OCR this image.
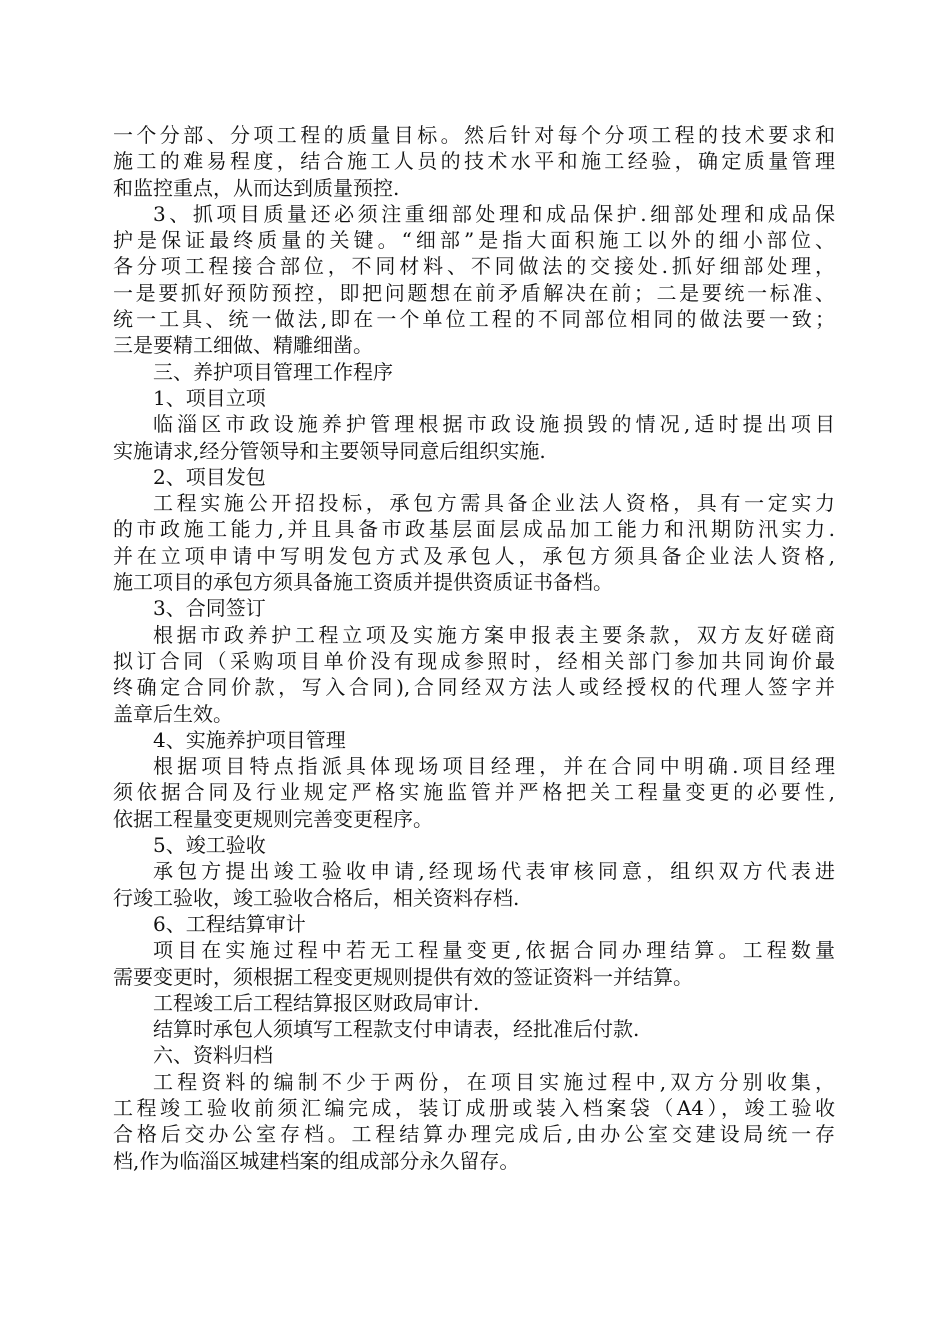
一个分部、分项工程的质量目标。然后针对每个分项工程的技术要求和
施工的难易程度，结合施工人员的技术水平和施工经验，确定质量管理
和监控重点，从而达到质量预控.
3、抓项目质量还必须注重细部处理和成品保护.细部处理和成品保
护是保证最终质量的关键。“细部”是指大面积施工以外的细小部位、
各分项工程接合部位，不同材料、不同做法的交接处.抓好细部处理，
一是要抓好预防预控，即把问题想在前矛盾解决在前；二是要统一标准、
统一工具、统一做法,即在一个单位工程的不同部位相同的做法要一致；
三是要精工细做、精雕细凿。
三、养护项目管理工作程序
1、项目立项
临淄区市政设施养护管理根据市政设施损毁的情况,适时提出项目
实施请求,经分管领导和主要领导同意后组织实施.
2、项目发包
工程实施公开招投标，承包方需具备企业法人资格，具有一定实力
的市政施工能力,并且具备市政基层面层成品加工能力和汛期防汛实力.
并在立项申请中写明发包方式及承包人，承包方须具备企业法人资格,
施工项目的承包方须具备施工资质并提供资质证书备档。
3、合同签订
根据市政养护工程立项及实施方案申报表主要条款，双方友好磋商
拟订合同（采购项目单价没有现成参照时，经相关部门参加共同询价最
终确定合同价款，写入合同),合同经双方法人或经授权的代理人签字并
盖章后生效。
4、实施养护项目管理
根据项目特点指派具体现场项目经理，并在合同中明确.项目经理
须依据合同及行业规定严格实施监管并严格把关工程量变更的必要性,
依据工程量变更规则完善变更程序。
5、竣工验收
承包方提出竣工验收申请,经现场代表审核同意，组织双方代表进
行竣工验收，竣工验收合格后，相关资料存档.
6、工程结算审计
项目在实施过程中若无工程量变更,依据合同办理结算。工程数量
需要变更时，须根据工程变更规则提供有效的签证资料一并结算。
工程竣工后工程结算报区财政局审计.
结算时承包人须填写工程款支付申请表，经批准后付款.
六、资料归档
工程资料的编制不少于两份，在项目实施过程中,双方分别收集，
工程竣工验收前须汇编完成，装订成册或装入档案袋（A4），竣工验收
合格后交办公室存档。工程结算办理完成后,由办公室交建设局统一存
档,作为临淄区城建档案的组成部分永久留存。
